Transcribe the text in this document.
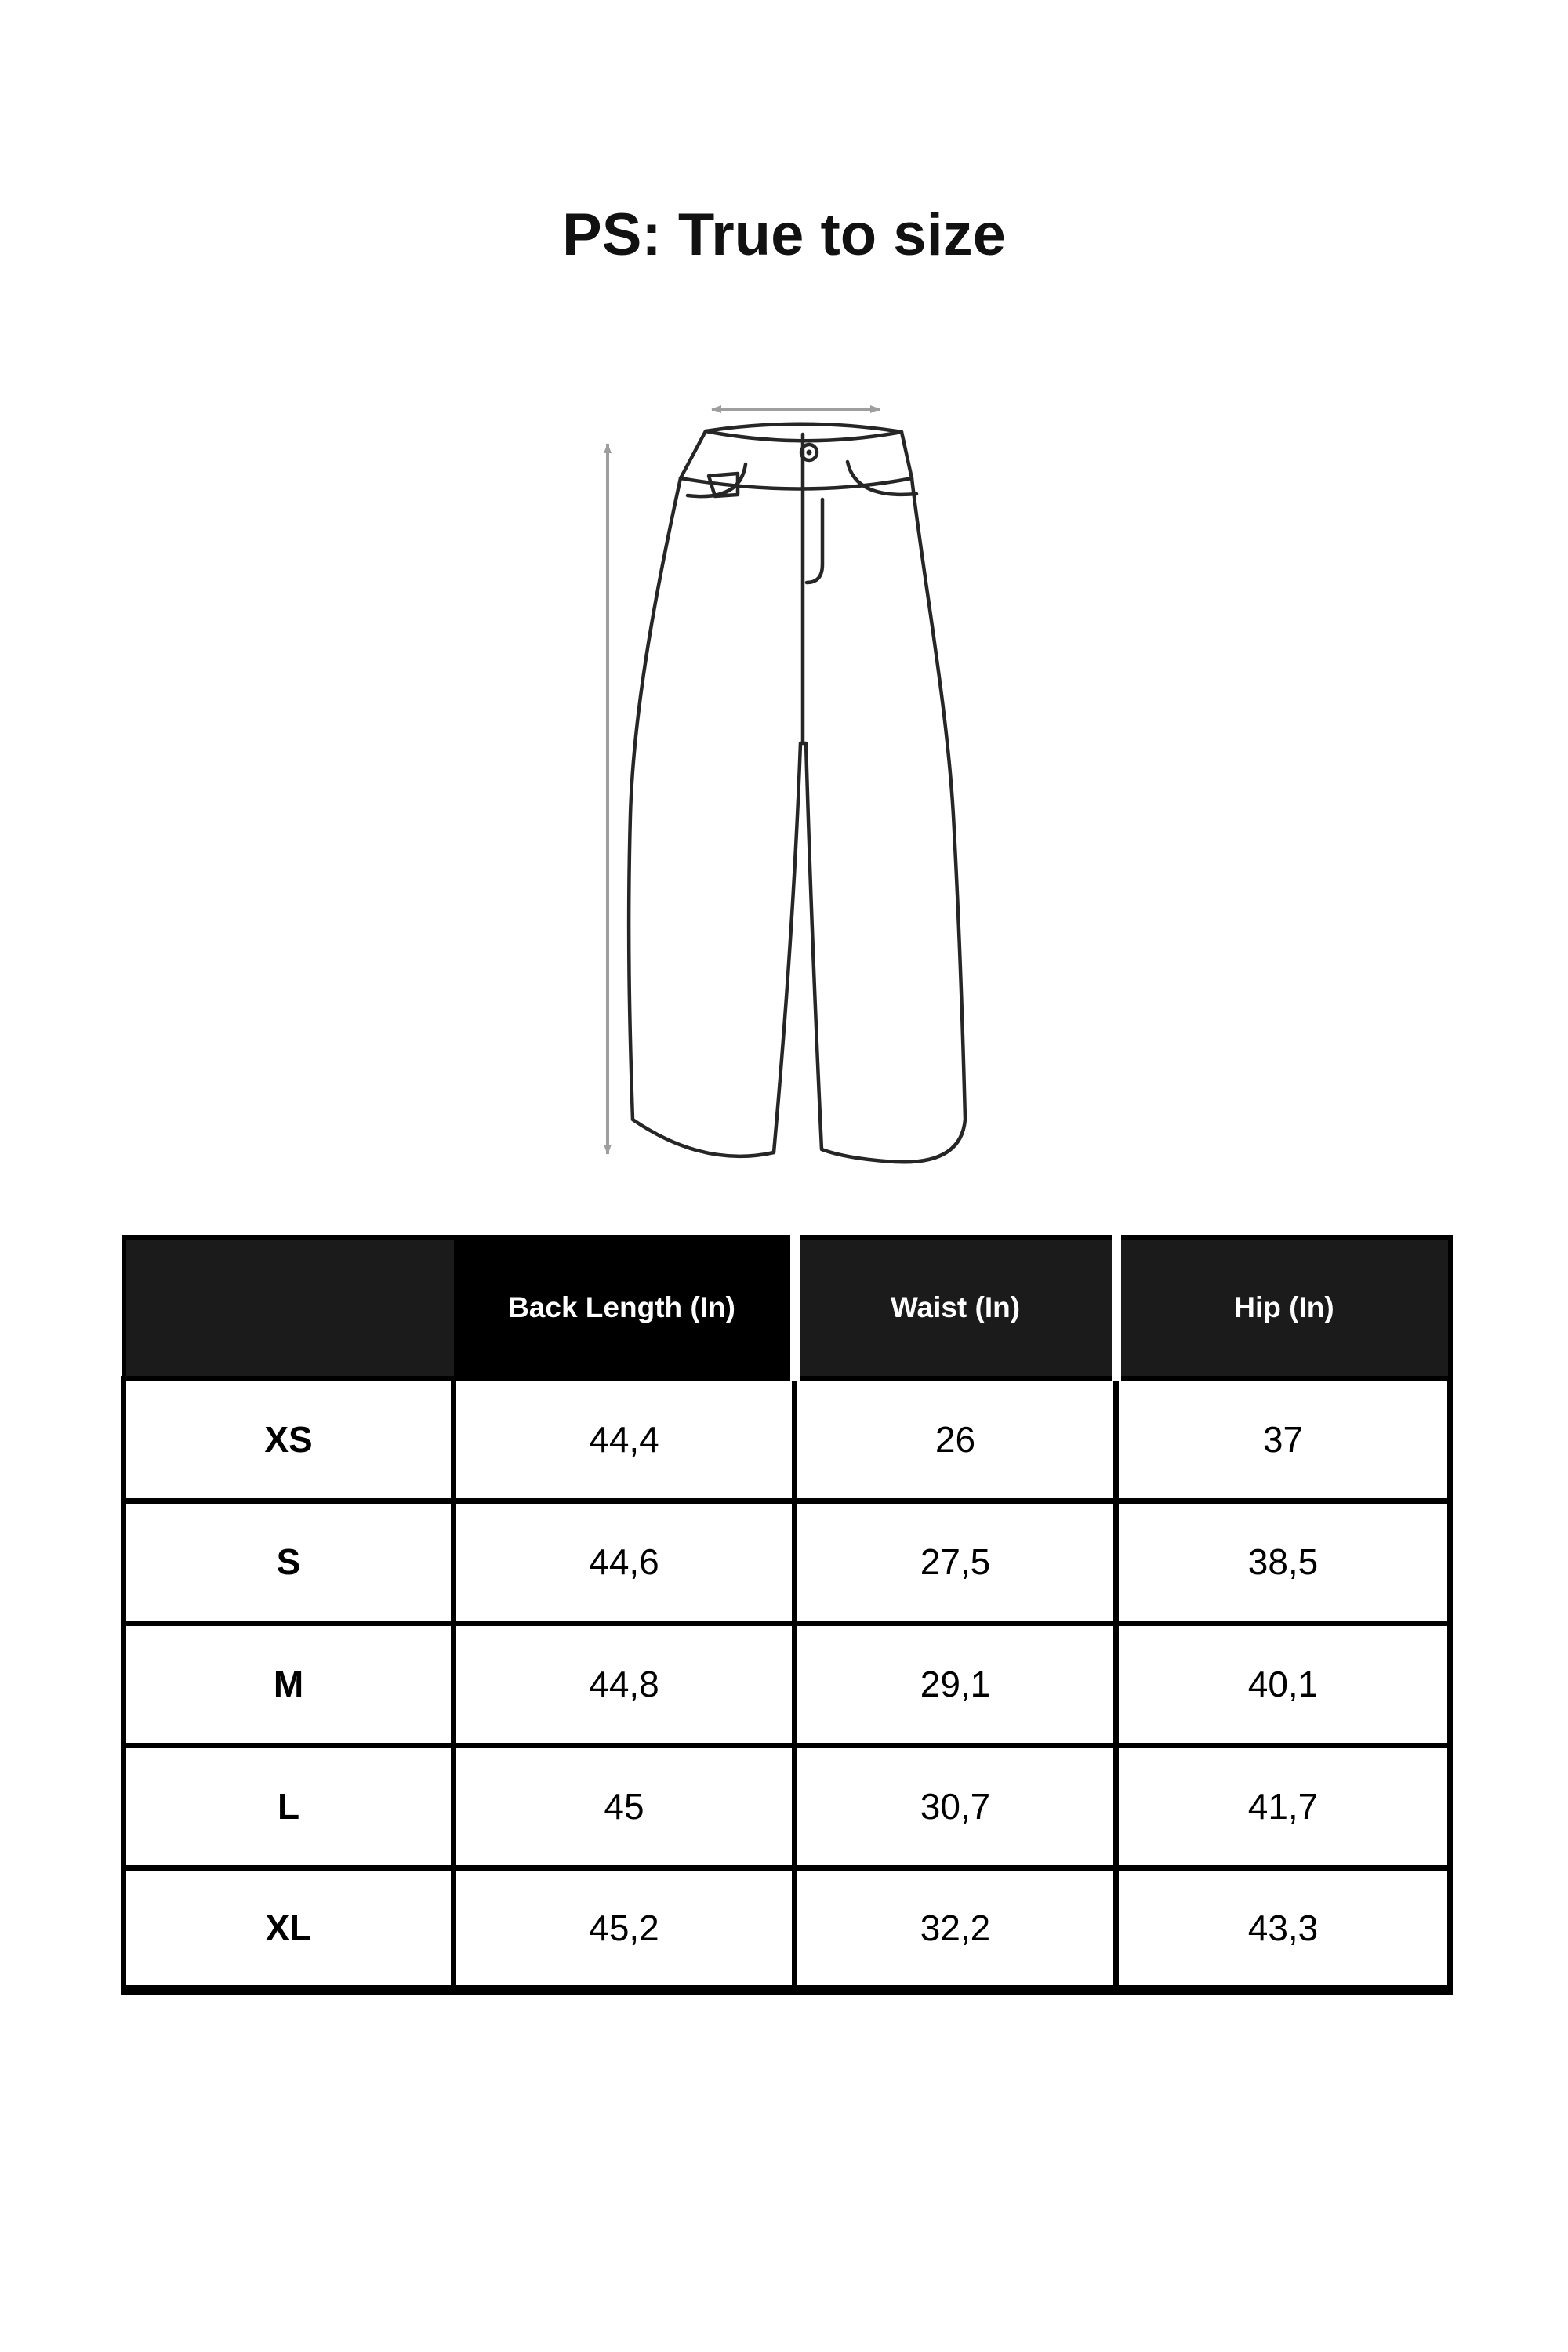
PS: True to size
	Back Length (In)	Waist (In)	Hip (In)
XS	44,4	26	37
S	44,6	27,5	38,5
M	44,8	29,1	40,1
L	45	30,7	41,7
XL	45,2	32,2	43,3
